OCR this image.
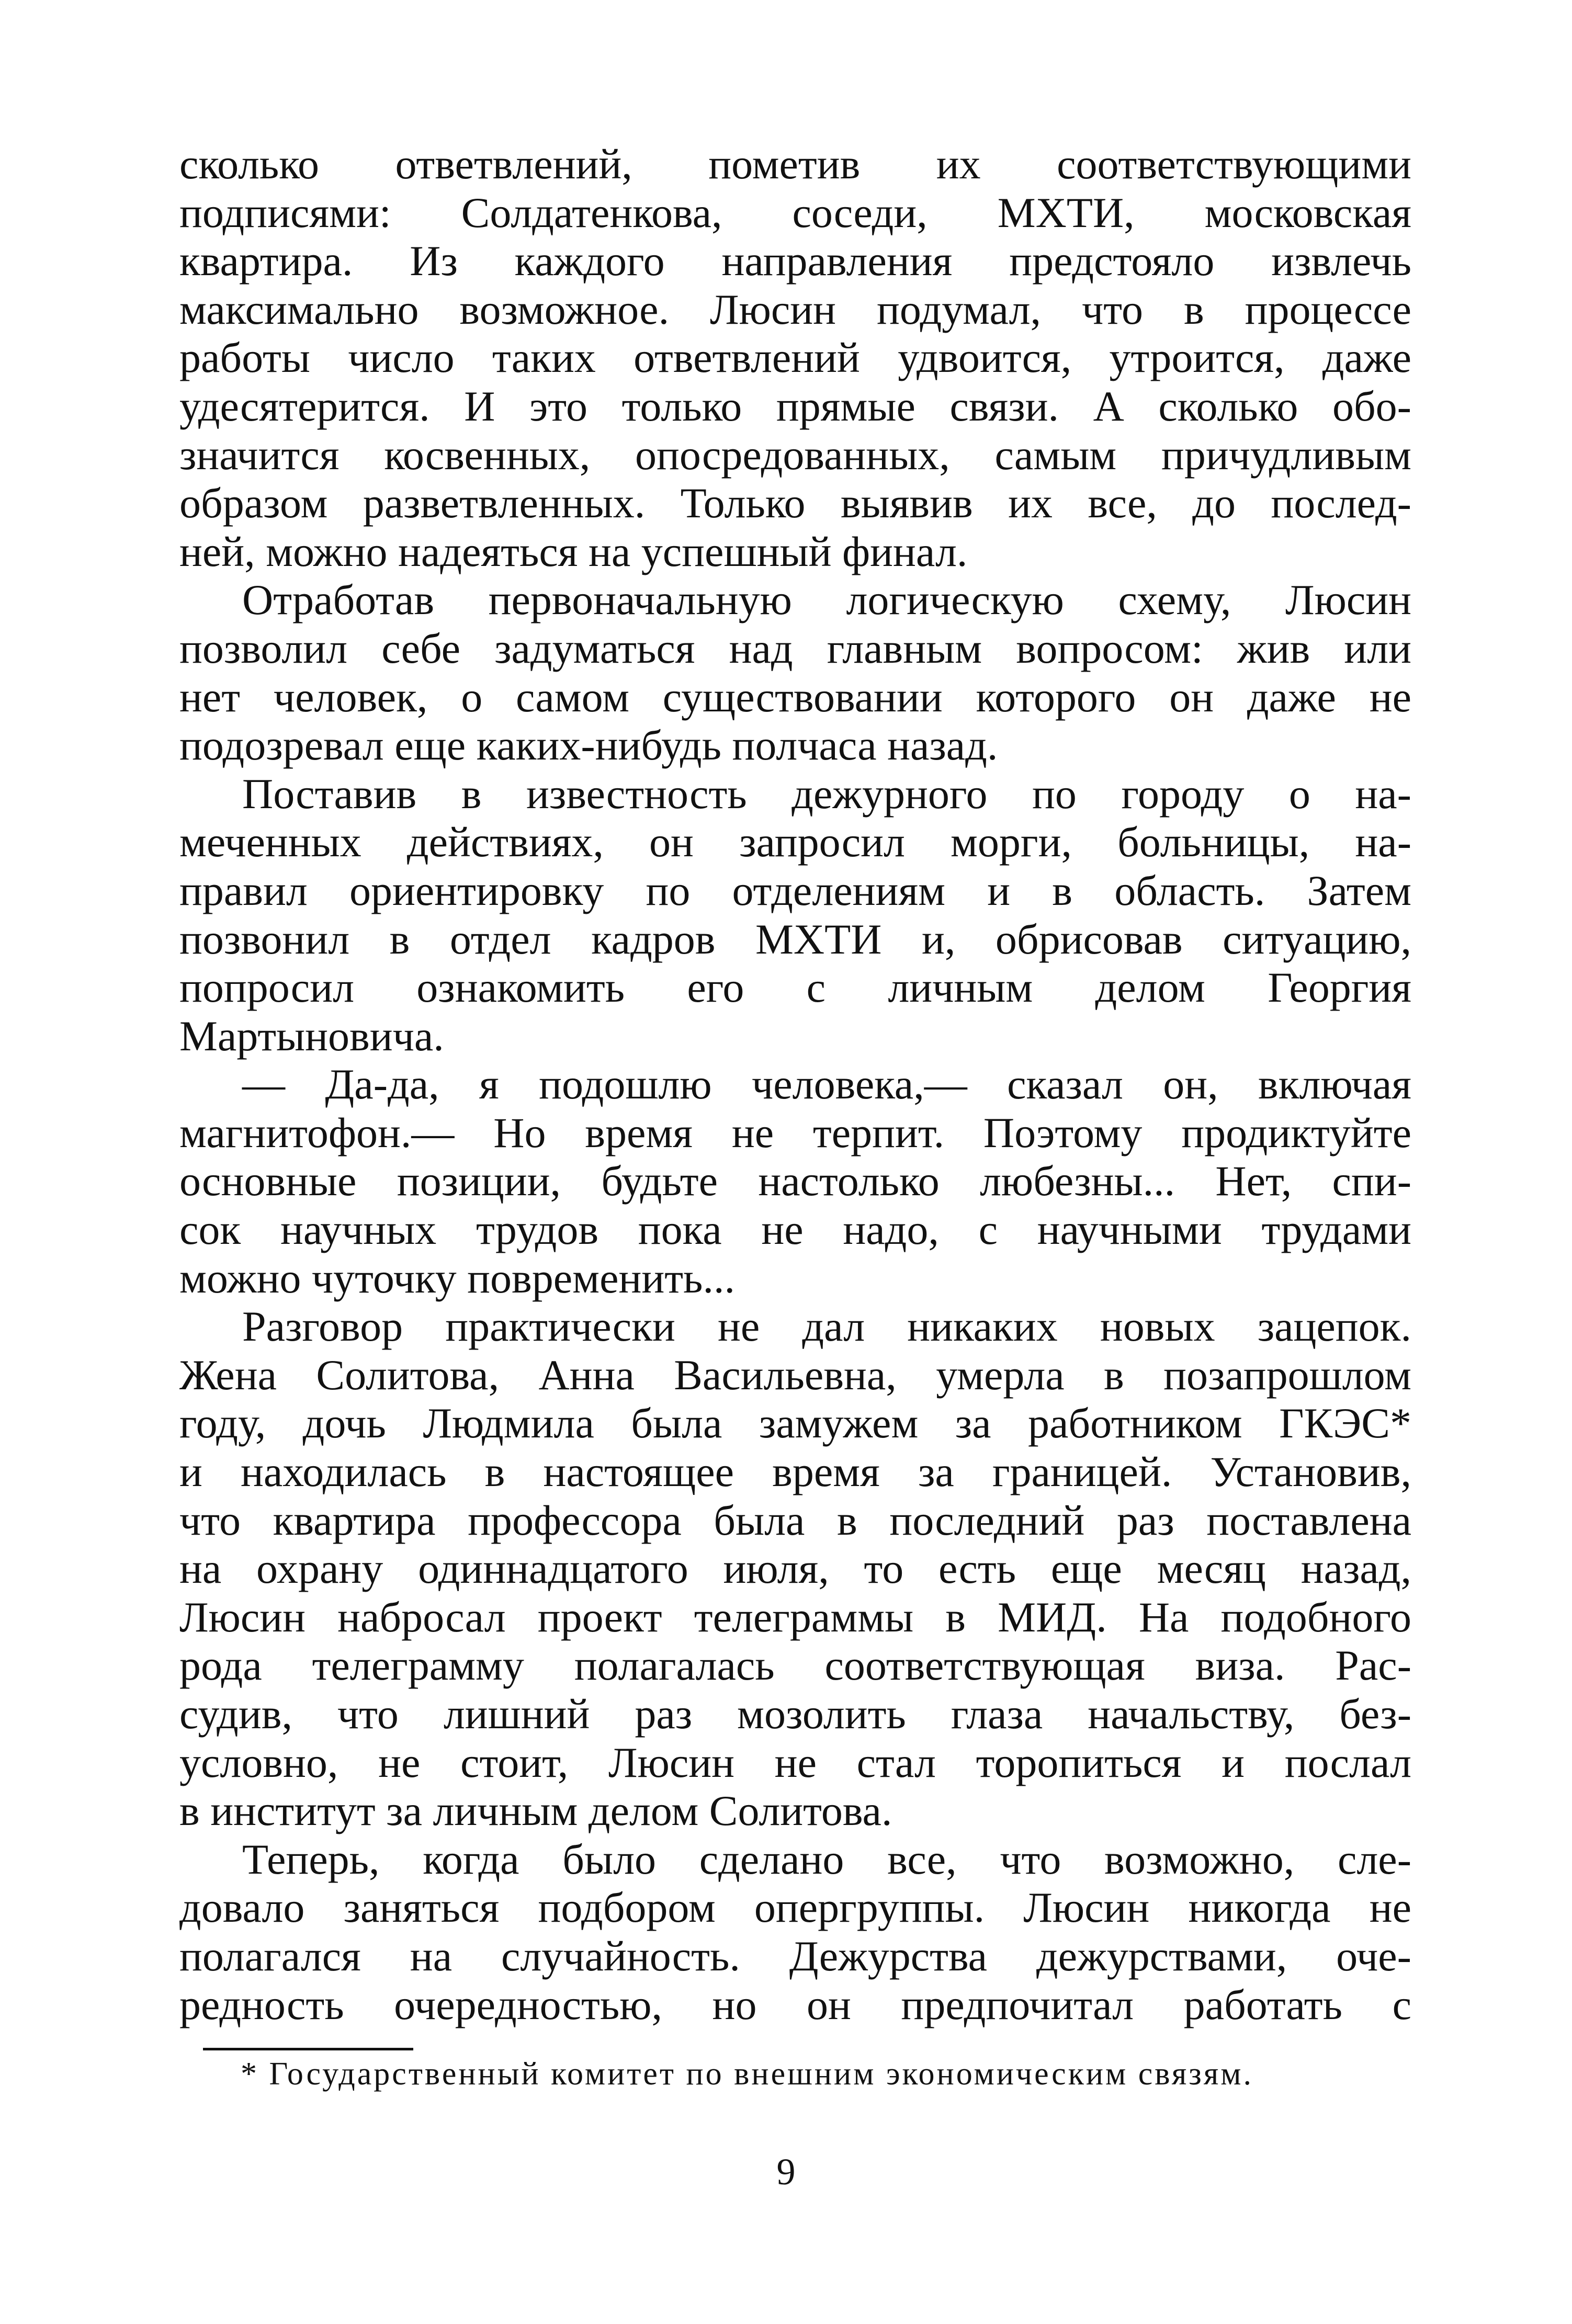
сколько ответвлений, пометив их соответствующими
подписями: Солдатенкова, соседи, МХТИ, московская
квартира. Из каждого направления предстояло извлечь
максимально возможное. Люсин подумал, что в процессе
работы число таких ответвлений удвоится, утроится, даже
удесятерится. И это только прямые связи. А сколько обо-
значится косвенных, опосредованных, самым причудливым
образом разветвленных. Только выявив их все, до послед-
ней, можно надеяться на успешный финал.
Отработав первоначальную логическую схему, Люсин
позволил себе задуматься над главным вопросом: жив или
нет человек, о самом существовании которого он даже не
подозревал еще каких-нибудь полчаса назад.
Поставив в известность дежурного по городу о на-
меченных действиях, он запросил морги, больницы, на-
правил ориентировку по отделениям и в область. Затем
позвонил в отдел кадров МХТИ и, обрисовав ситуацию,
попросил ознакомить его с личным делом Георгия
Мартыновича.
— Да-да, я подошлю человека,— сказал он, включая
магнитофон.— Но время не терпит. Поэтому продиктуйте
основные позиции, будьте настолько любезны... Нет, спи-
сок научных трудов пока не надо, с научными трудами
можно чуточку повременить...
Разговор практически не дал никаких новых зацепок.
Жена Солитова, Анна Васильевна, умерла в позапрошлом
году, дочь Людмила была замужем за работником ГКЭС*
и находилась в настоящее время за границей. Установив,
что квартира профессора была в последний раз поставлена
на охрану одиннадцатого июля, то есть еще месяц назад,
Люсин набросал проект телеграммы в МИД. На подобного
рода телеграмму полагалась соответствующая виза. Рас-
судив, что лишний раз мозолить глаза начальству, без-
условно, не стоит, Люсин не стал торопиться и послал
в институт за личным делом Солитова.
Теперь, когда было сделано все, что возможно, сле-
довало заняться подбором опергруппы. Люсин никогда не
полагался на случайность. Дежурства дежурствами, оче-
редность очередностью, но он предпочитал работать с
* Государственный комитет по внешним экономическим связям.
9
